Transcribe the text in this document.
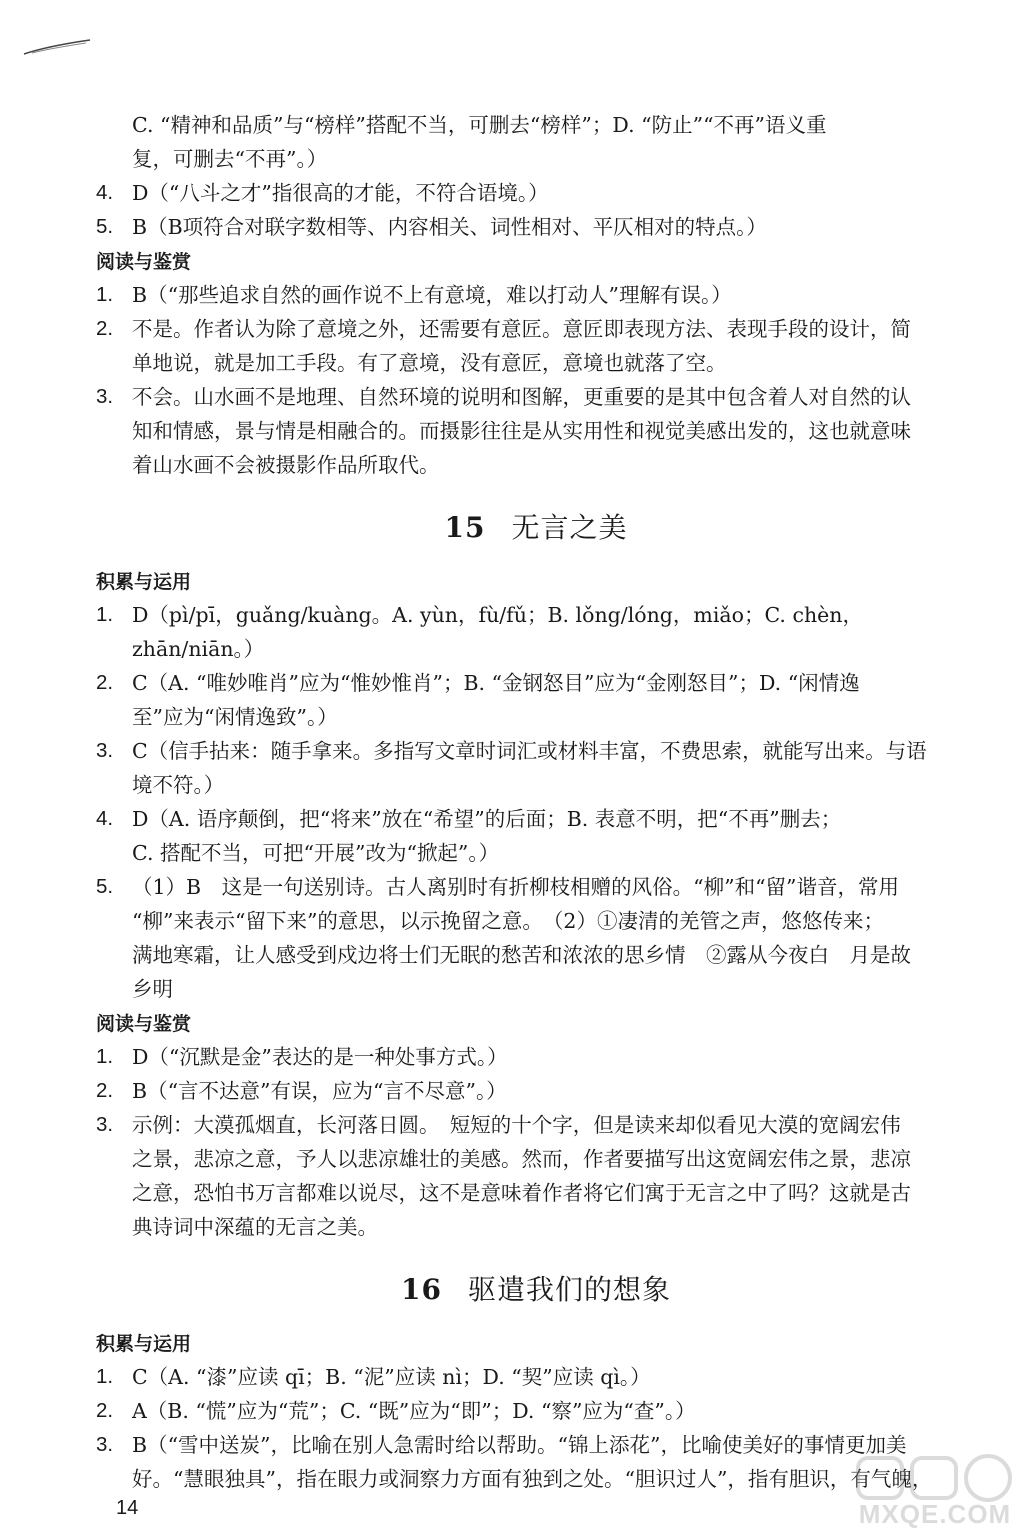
C. “精神和品质”与“榜样”搭配不当，可删去“榜样”；D. “防止”“不再”语义重
复，可删去“不再”。）
4. D（“八斗之才”指很高的才能，不符合语境。）
5. B（B项符合对联字数相等、内容相关、词性相对、平仄相对的特点。）
阅读与鉴赏
1. B（“那些追求自然的画作说不上有意境，难以打动人”理解有误。）
2. 不是。作者认为除了意境之外，还需要有意匠。意匠即表现方法、表现手段的设计，简
单地说，就是加工手段。有了意境，没有意匠，意境也就落了空。
3. 不会。山水画不是地理、自然环境的说明和图解，更重要的是其中包含着人对自然的认
知和情感，景与情是相融合的。而摄影往往是从实用性和视觉美感出发的，这也就意味
着山水画不会被摄影作品所取代。
15 无言之美
积累与运用
1. D（pì/pī，guǎng/kuàng。A. yùn，fù/fǔ；B. lǒng/lóng，miǎo；C. chèn，zhān/niān。）
2. C（A. “唯妙唯肖”应为“惟妙惟肖”；B. “金钢怒目”应为“金刚怒目”；D. “闲情逸
至”应为“闲情逸致”。）
3. C（信手拈来：随手拿来。多指写文章时词汇或材料丰富，不费思索，就能写出来。与语
境不符。）
4. D（A. 语序颠倒，把“将来”放在“希望”的后面；B. 表意不明，把“不再”删去；
C. 搭配不当，可把“开展”改为“掀起”。）
5. （1）B　这是一句送别诗。古人离别时有折柳枝相赠的风俗。“柳”和“留”谐音，常用
“柳”来表示“留下来”的意思，以示挽留之意。　（2）①凄清的羌管之声，悠悠传来；
满地寒霜，让人感受到戍边将士们无眠的愁苦和浓浓的思乡情　②露从今夜白　月是故
乡明
阅读与鉴赏
1. D（“沉默是金”表达的是一种处事方式。）
2. B（“言不达意”有误，应为“言不尽意”。）
3. 示例：大漠孤烟直，长河落日圆。　短短的十个字，但是读来却似看见大漠的宽阔宏伟
之景，悲凉之意，予人以悲凉雄壮的美感。然而，作者要描写出这宽阔宏伟之景，悲凉
之意，恐怕书万言都难以说尽，这不是意味着作者将它们寓于无言之中了吗？这就是古
典诗词中深蕴的无言之美。
16 驱遣我们的想象
积累与运用
1. C（A. “漆”应读 qī；B. “泥”应读 nì；D. “契”应读 qì。）
2. A（B. “慌”应为“荒”；C. “既”应为“即”；D. “察”应为“查”。）
3. B（“雪中送炭”，比喻在别人急需时给以帮助。“锦上添花”，比喻使美好的事情更加美
好。“慧眼独具”，指在眼力或洞察力方面有独到之处。“胆识过人”，指有胆识，有气魄，
14	MXQE.COM
